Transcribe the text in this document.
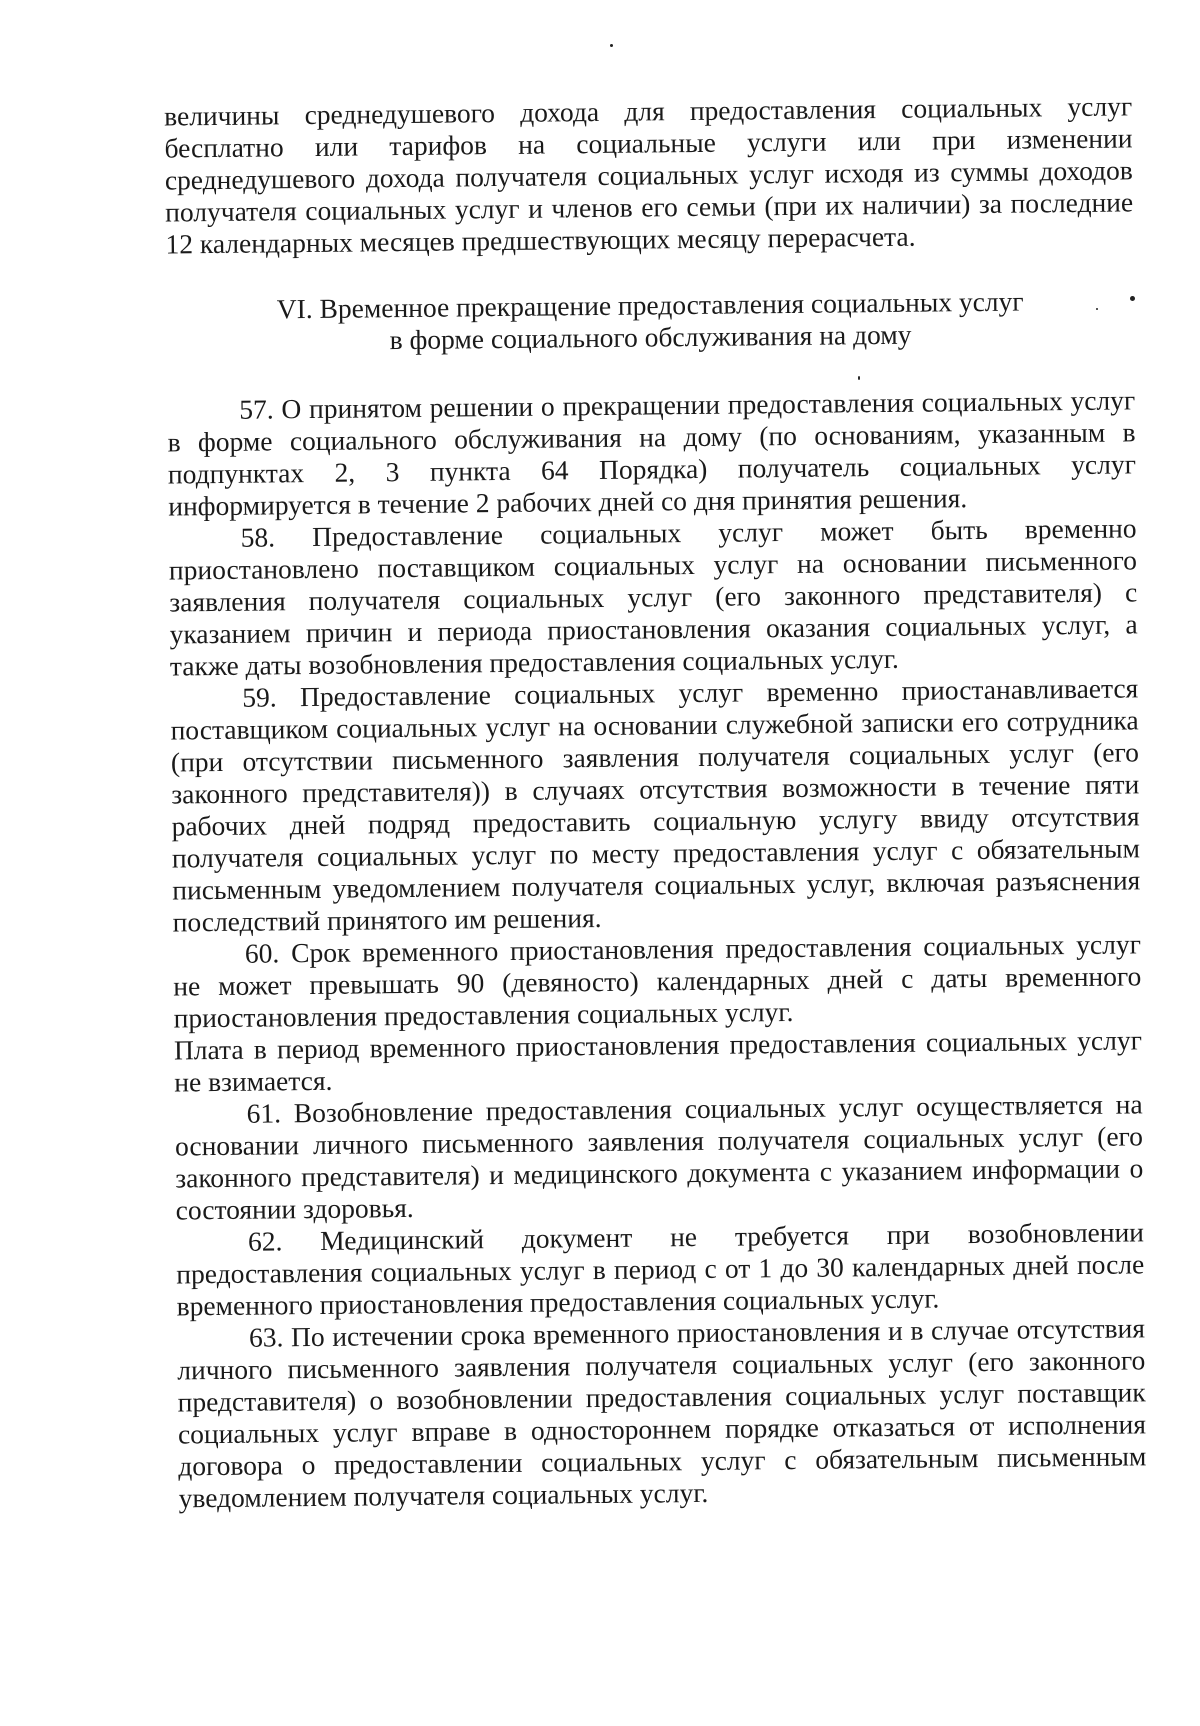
величины среднедушевого дохода для предоставления социальных услуг бесплатно или тарифов на социальные услуги или при изменении среднедушевого дохода получателя социальных услуг исходя из суммы доходов получателя социальных услуг и членов его семьи (при их наличии) за последние 12 календарных месяцев предшествующих месяцу перерасчета.

VI. Временное прекращение предоставления социальных услуг
в форме социального обслуживания на дому

57. О принятом решении о прекращении предоставления социальных услуг в форме социального обслуживания на дому (по основаниям, указанным в подпунктах 2, 3 пункта 64 Порядка) получатель социальных услуг информируется в течение 2 рабочих дней со дня принятия решения.

58. Предоставление социальных услуг может быть временно приостановлено поставщиком социальных услуг на основании письменного заявления получателя социальных услуг (его законного представителя) с указанием причин и периода приостановления оказания социальных услуг, а также даты возобновления предоставления социальных услуг.

59. Предоставление социальных услуг временно приостанавливается поставщиком социальных услуг на основании служебной записки его сотрудника (при отсутствии письменного заявления получателя социальных услуг (его законного представителя)) в случаях отсутствия возможности в течение пяти рабочих дней подряд предоставить социальную услугу ввиду отсутствия получателя социальных услуг по месту предоставления услуг с обязательным письменным уведомлением получателя социальных услуг, включая разъяснения последствий принятого им решения.

60. Срок временного приостановления предоставления социальных услуг не может превышать 90 (девяносто) календарных дней с даты временного приостановления предоставления социальных услуг.

Плата в период временного приостановления предоставления социальных услуг не взимается.

61. Возобновление предоставления социальных услуг осуществляется на основании личного письменного заявления получателя социальных услуг (его законного представителя) и медицинского документа с указанием информации о состоянии здоровья.

62. Медицинский документ не требуется при возобновлении предоставления социальных услуг в период с от 1 до 30 календарных дней после временного приостановления предоставления социальных услуг.

63. По истечении срока временного приостановления и в случае отсутствия личного письменного заявления получателя социальных услуг (его законного представителя) о возобновлении предоставления социальных услуг поставщик социальных услуг вправе в одностороннем порядке отказаться от исполнения договора о предоставлении социальных услуг с обязательным письменным уведомлением получателя социальных услуг.
